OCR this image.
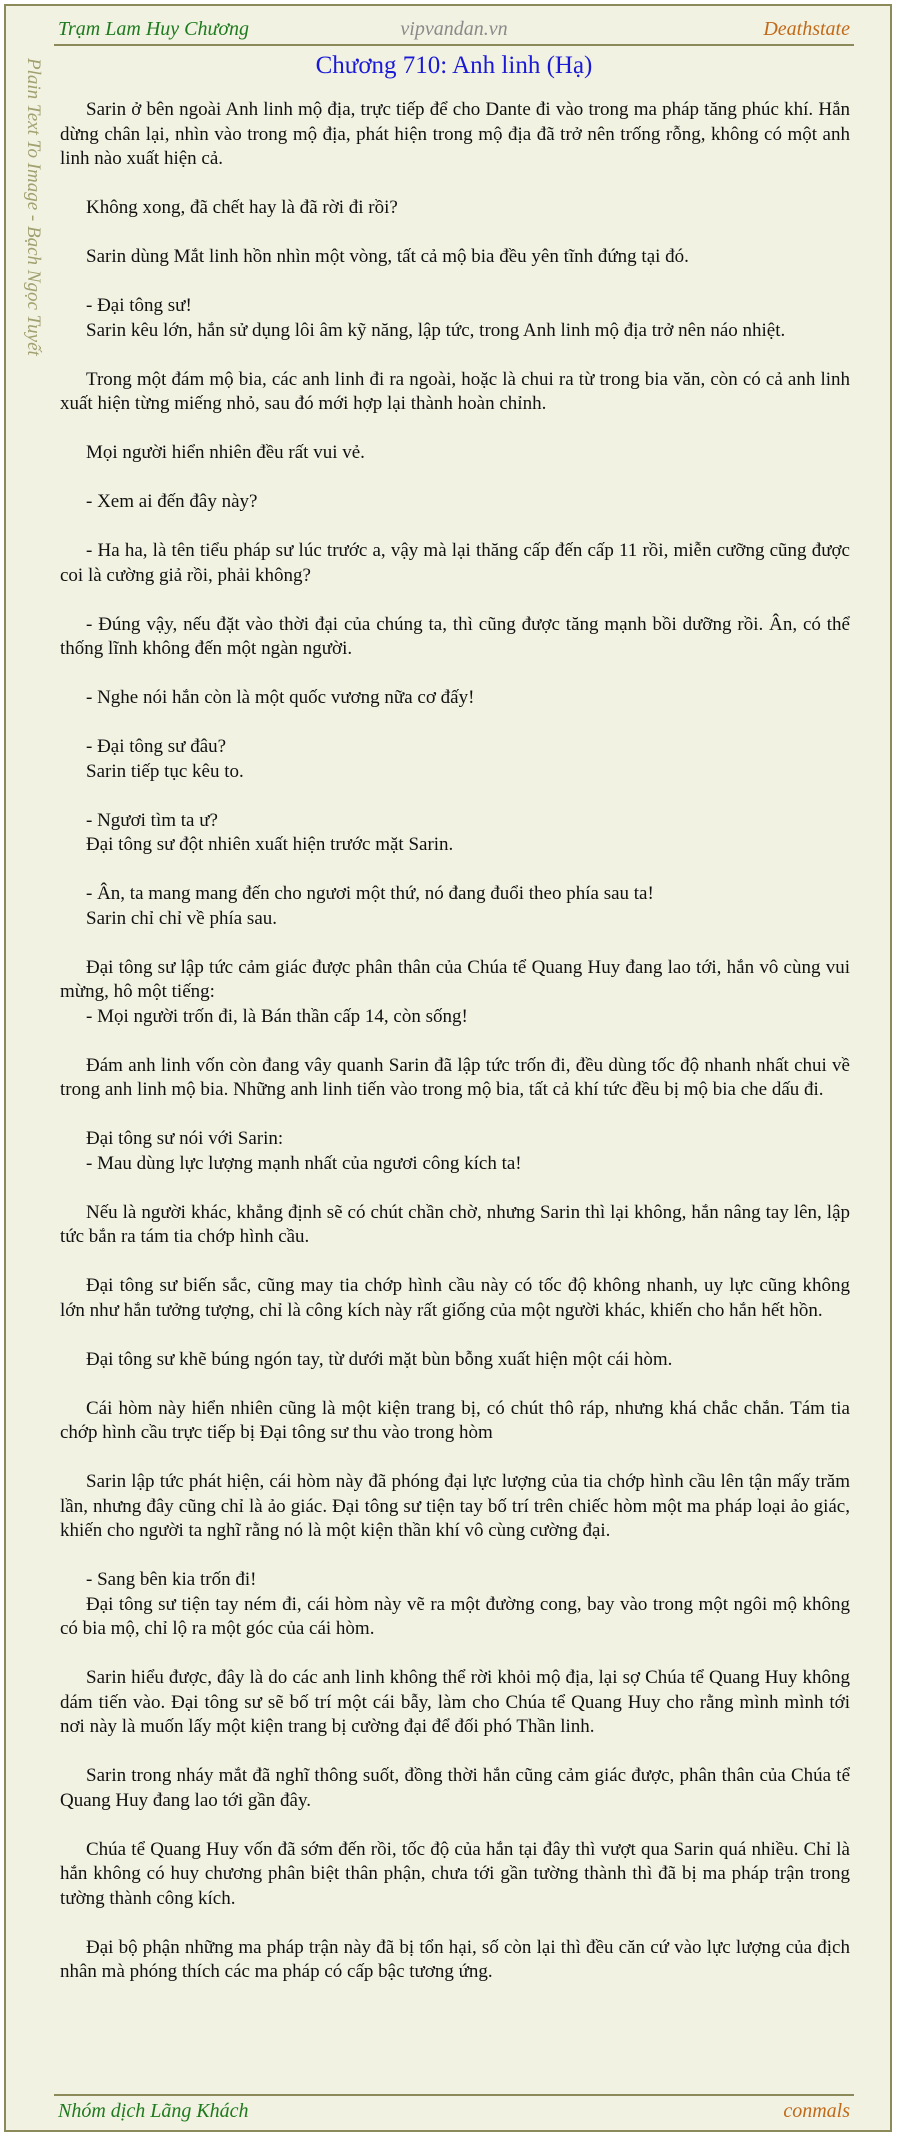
Trạm Lam Huy Chương	vipvandan.vn	Deathstate
Plain Text To Image - Bạch Ngọc Tuyết	Chương 710: Anh linh (Hạ)

Sarin ở bên ngoài Anh linh mộ địa, trực tiếp để cho Dante đi vào trong ma pháp tăng phúc khí. Hắn dừng chân lại, nhìn vào trong mộ địa, phát hiện trong mộ địa đã trở nên trống rỗng, không có một anh linh nào xuất hiện cả.

Không xong, đã chết hay là đã rời đi rồi?

Sarin dùng Mắt linh hồn nhìn một vòng, tất cả mộ bia đều yên tĩnh đứng tại đó.

- Đại tông sư!

Sarin kêu lớn, hắn sử dụng lôi âm kỹ năng, lập tức, trong Anh linh mộ địa trở nên náo nhiệt.

Trong một đám mộ bia, các anh linh đi ra ngoài, hoặc là chui ra từ trong bia văn, còn có cả anh linh xuất hiện từng miếng nhỏ, sau đó mới hợp lại thành hoàn chỉnh.

Mọi người hiển nhiên đều rất vui vẻ.

- Xem ai đến đây này?

- Ha ha, là tên tiểu pháp sư lúc trước a, vậy mà lại thăng cấp đến cấp 11 rồi, miễn cưỡng cũng được coi là cường giả rồi, phải không?

- Đúng vậy, nếu đặt vào thời đại của chúng ta, thì cũng được tăng mạnh bồi dưỡng rồi. Ân, có thể thống lĩnh không đến một ngàn người.

- Nghe nói hắn còn là một quốc vương nữa cơ đấy!

- Đại tông sư đâu?

Sarin tiếp tục kêu to.

- Ngươi tìm ta ư?

Đại tông sư đột nhiên xuất hiện trước mặt Sarin.

- Ân, ta mang mang đến cho ngươi một thứ, nó đang đuổi theo phía sau ta!

Sarin chỉ chỉ về phía sau.

Đại tông sư lập tức cảm giác được phân thân của Chúa tể Quang Huy đang lao tới, hắn vô cùng vui mừng, hô một tiếng:

- Mọi người trốn đi, là Bán thần cấp 14, còn sống!

Đám anh linh vốn còn đang vây quanh Sarin đã lập tức trốn đi, đều dùng tốc độ nhanh nhất chui về trong anh linh mộ bia. Những anh linh tiến vào trong mộ bia, tất cả khí tức đều bị mộ bia che dấu đi.

Đại tông sư nói với Sarin:

- Mau dùng lực lượng mạnh nhất của ngươi công kích ta!

Nếu là người khác, khẳng định sẽ có chút chần chờ, nhưng Sarin thì lại không, hắn nâng tay lên, lập tức bắn ra tám tia chớp hình cầu.

Đại tông sư biến sắc, cũng may tia chớp hình cầu này có tốc độ không nhanh, uy lực cũng không lớn như hắn tưởng tượng, chỉ là công kích này rất giống của một người khác, khiến cho hắn hết hồn.

Đại tông sư khẽ búng ngón tay, từ dưới mặt bùn bỗng xuất hiện một cái hòm.

Cái hòm này hiển nhiên cũng là một kiện trang bị, có chút thô ráp, nhưng khá chắc chắn. Tám tia chớp hình cầu trực tiếp bị Đại tông sư thu vào trong hòm

Sarin lập tức phát hiện, cái hòm này đã phóng đại lực lượng của tia chớp hình cầu lên tận mấy trăm lần, nhưng đây cũng chỉ là ảo giác. Đại tông sư tiện tay bố trí trên chiếc hòm một ma pháp loại ảo giác, khiến cho người ta nghĩ rằng nó là một kiện thần khí vô cùng cường đại.

- Sang bên kia trốn đi!

Đại tông sư tiện tay ném đi, cái hòm này vẽ ra một đường cong, bay vào trong một ngôi mộ không có bia mộ, chỉ lộ ra một góc của cái hòm.

Sarin hiểu được, đây là do các anh linh không thể rời khỏi mộ địa, lại sợ Chúa tể Quang Huy không dám tiến vào. Đại tông sư sẽ bố trí một cái bẫy, làm cho Chúa tể Quang Huy cho rằng mình mình tới nơi này là muốn lấy một kiện trang bị cường đại để đối phó Thần linh.

Sarin trong nháy mắt đã nghĩ thông suốt, đồng thời hắn cũng cảm giác được, phân thân của Chúa tể Quang Huy đang lao tới gần đây.

Chúa tể Quang Huy vốn đã sớm đến rồi, tốc độ của hắn tại đây thì vượt qua Sarin quá nhiều. Chỉ là hắn không có huy chương phân biệt thân phận, chưa tới gần tường thành thì đã bị ma pháp trận trong tường thành công kích.

Đại bộ phận những ma pháp trận này đã bị tổn hại, số còn lại thì đều căn cứ vào lực lượng của địch nhân mà phóng thích các ma pháp có cấp bậc tương ứng.

Nhóm dịch Lãng Khách	conmals
